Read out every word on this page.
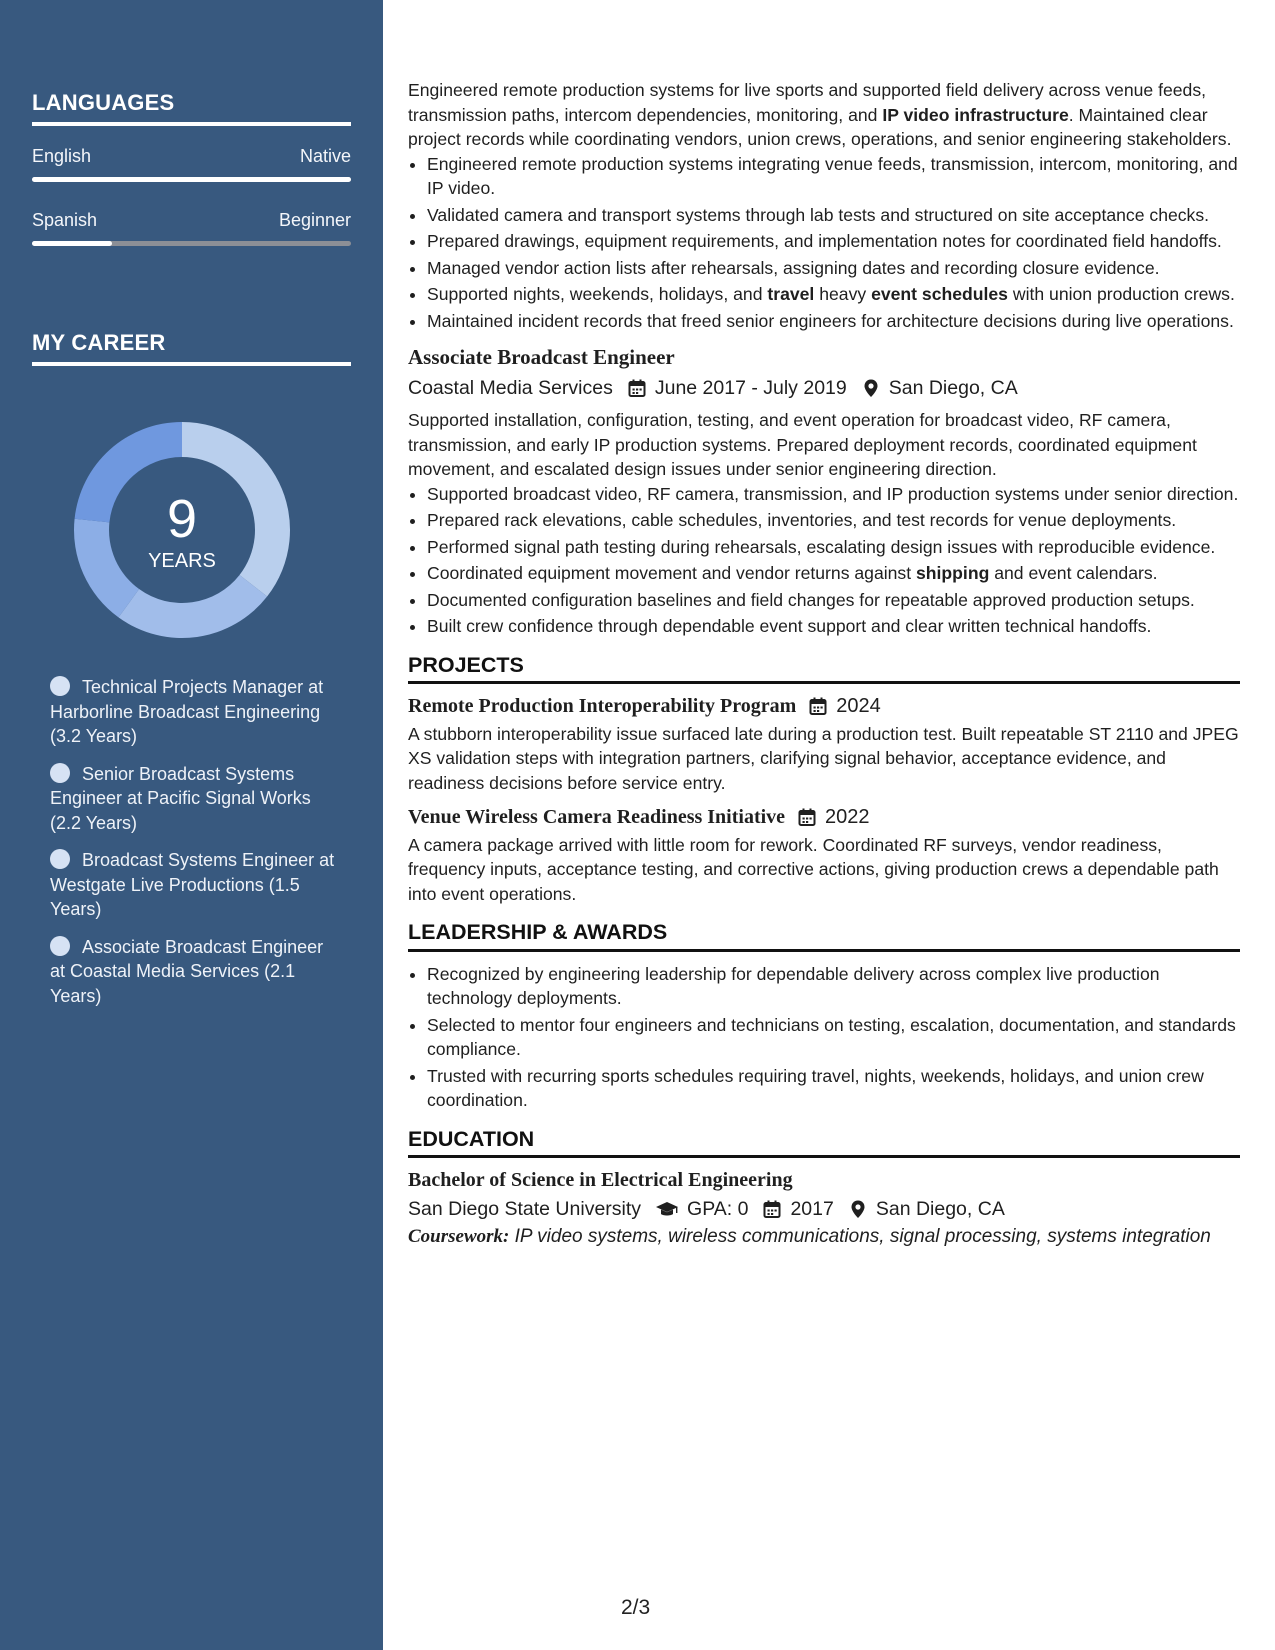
LANGUAGES
English	Native
Spanish	Beginner
MY CAREER
9
YEARS
Technical Projects Manager at Harborline Broadcast Engineering (3.2 Years)
Senior Broadcast Systems Engineer at Pacific Signal Works (2.2 Years)
Broadcast Systems Engineer at Westgate Live Productions (1.5 Years)
Associate Broadcast Engineer at Coastal Media Services (2.1 Years)

Engineered remote production systems for live sports and supported field delivery across venue feeds, transmission paths, intercom dependencies, monitoring, and IP video infrastructure. Maintained clear project records while coordinating vendors, union crews, operations, and senior engineering stakeholders.

• Engineered remote production systems integrating venue feeds, transmission, intercom, monitoring, and IP video.
• Validated camera and transport systems through lab tests and structured on site acceptance checks.
• Prepared drawings, equipment requirements, and implementation notes for coordinated field handoffs.
• Managed vendor action lists after rehearsals, assigning dates and recording closure evidence.
• Supported nights, weekends, holidays, and travel heavy event schedules with union production crews.
• Maintained incident records that freed senior engineers for architecture decisions during live operations.
Associate Broadcast Engineer
Coastal Media Services June 2017 - July 2019 San Diego, CA

Supported installation, configuration, testing, and event operation for broadcast video, RF camera, transmission, and early IP production systems. Prepared deployment records, coordinated equipment movement, and escalated design issues under senior engineering direction.

• Supported broadcast video, RF camera, transmission, and IP production systems under senior direction.
• Prepared rack elevations, cable schedules, inventories, and test records for venue deployments.
• Performed signal path testing during rehearsals, escalating design issues with reproducible evidence.
• Coordinated equipment movement and vendor returns against shipping and event calendars.
• Documented configuration baselines and field changes for repeatable approved production setups.
• Built crew confidence through dependable event support and clear written technical handoffs.
PROJECTS
Remote Production Interoperability Program 2024

A stubborn interoperability issue surfaced late during a production test. Built repeatable ST 2110 and JPEG XS validation steps with integration partners, clarifying signal behavior, acceptance evidence, and readiness decisions before service entry.

Venue Wireless Camera Readiness Initiative 2022

A camera package arrived with little room for rework. Coordinated RF surveys, vendor readiness, frequency inputs, acceptance testing, and corrective actions, giving production crews a dependable path into event operations.

LEADERSHIP & AWARDS
• Recognized by engineering leadership for dependable delivery across complex live production technology deployments.
• Selected to mentor four engineers and technicians on testing, escalation, documentation, and standards compliance.
• Trusted with recurring sports schedules requiring travel, nights, weekends, holidays, and union crew coordination.
EDUCATION
Bachelor of Science in Electrical Engineering
San Diego State University GPA: 0 2017 San Diego, CA
Coursework: IP video systems, wireless communications, signal processing, systems integration
2/3
